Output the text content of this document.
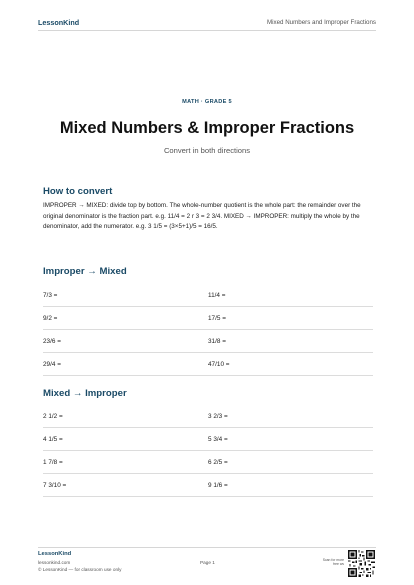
LessonKind	Mixed Numbers and Improper Fractions
MATH · GRADE 5
Mixed Numbers & Improper Fractions
Convert in both directions
How to convert
IMPROPER → MIXED: divide top by bottom. The whole-number quotient is the whole part: the remainder over the original denominator is the fraction part. e.g. 11/4 = 2 r 3 = 2 3/4. MIXED → IMPROPER: multiply the whole by the denominator, add the numerator. e.g. 3 1/5 = (3×5+1)/5 = 16/5.
Improper → Mixed
7/3 =	11/4 =
9/2 =	17/5 =
23/6 =	31/8 =
29/4 =	47/10 =
Mixed → Improper
2 1/2 =	3 2/3 =
4 1/5 =	5 3/4 =
1 7/8 =	6 2/5 =
7 3/10 =	9 1/6 =
LessonKind
lessonkind.com
© LessonKind — for classroom use only
Page 1	Scan for more free ws
